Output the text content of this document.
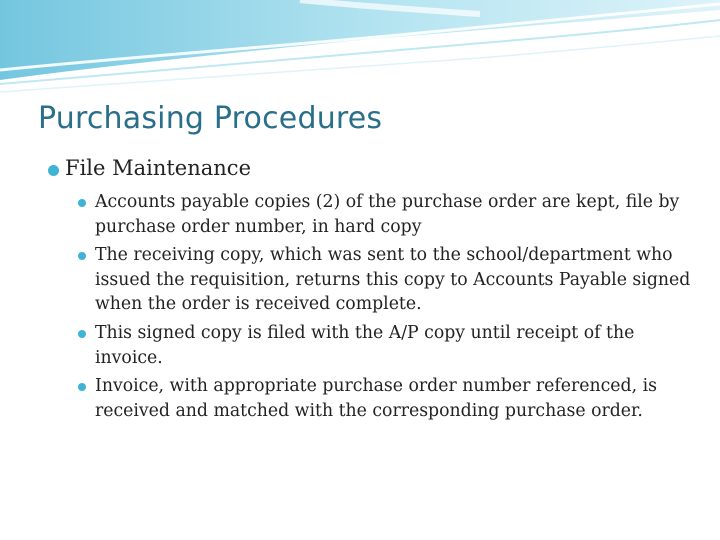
Purchasing Procedures
File Maintenance
Accounts payable copies (2) of the purchase order are kept, file by purchase order number, in hard copy
The receiving copy, which was sent to the school/department who issued the requisition, returns this copy to Accounts Payable signed when the order is received complete.
This signed copy is filed with the A/P copy until receipt of the invoice.
Invoice, with appropriate purchase order number referenced, is received and matched with the corresponding purchase order.
